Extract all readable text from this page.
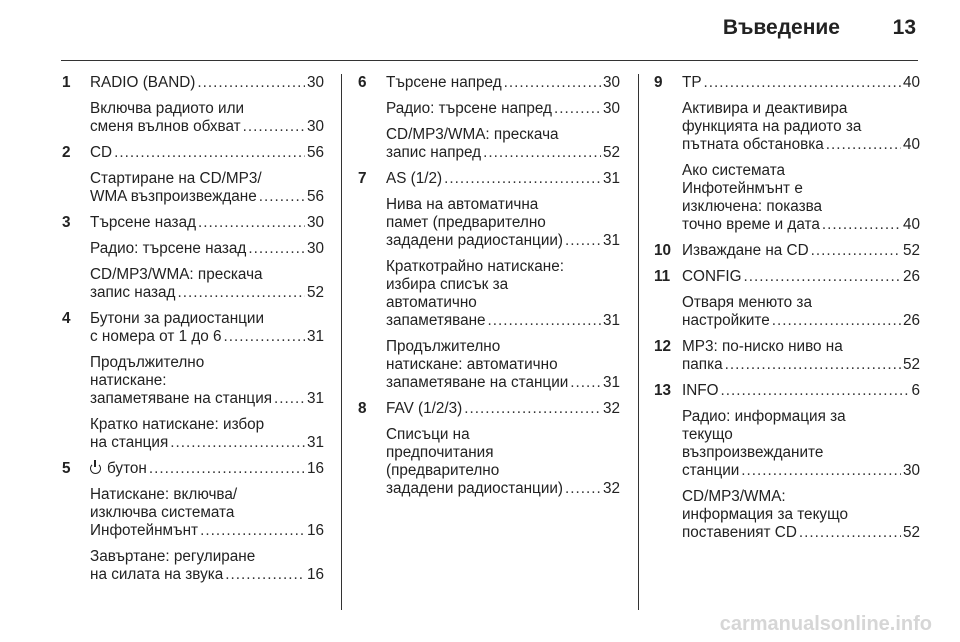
Въведение	13
1 RADIO (BAND) .....	30
Включва радиото или
сменя вълнов обхват .....	30
2 CD .....	56
Стартиране на CD/MP3/
WMA възпроизвеждане .....	56
3 Търсене назад .....	30
Радио: търсене назад .....	30
CD/MP3/WMA: прескача
запис назад .....	52
4 Бутони за радиостанции
с номера от 1 до 6 .....	31
Продължително
натискане:
запаметяване на станция ..... 31
Кратко натискане: избор
на станция .....	31
5	бутон .....	16
Натискане: включва/
изключва системата
Инфотейнмънт .....	16
Завъртане: регулиране
на силата на звука .....	16
6 Търсене напред .....	30
Радио: търсене напред .....	30
CD/MP3/WMA: прескача
запис напред .....	52
7 AS (1/2) .....	31
Нива на автоматична
памет (предварително
зададени радиостанции) .....	31
Краткотрайно натискане:
избира списък за
автоматично
запаметяване .....	31
Продължително
натискане: автоматично
запаметяване на станции ..... 31
8 FAV (1/2/3) .....	32
Списъци на
предпочитания
(предварително
зададени радиостанции) .....	32
9 TP .....	40
Активира и деактивира
функцията на радиото за
пътната обстановка .....	40
Ако системата
Инфотейнмънт е
изключена: показва
точно време и дата .....	40
10 Изваждане на CD .....	52
11 CONFIG .....	26
Отваря менюто за
настройките .....	26
12 MP3: по-ниско ниво на
папка .....	52
13 INFO .....	6
Радио: информация за
текущо
възпроизвежданите
станции .....	30
CD/MP3/WMA:
информация за текущо
поставеният CD .....	52
carmanualsonline.info
